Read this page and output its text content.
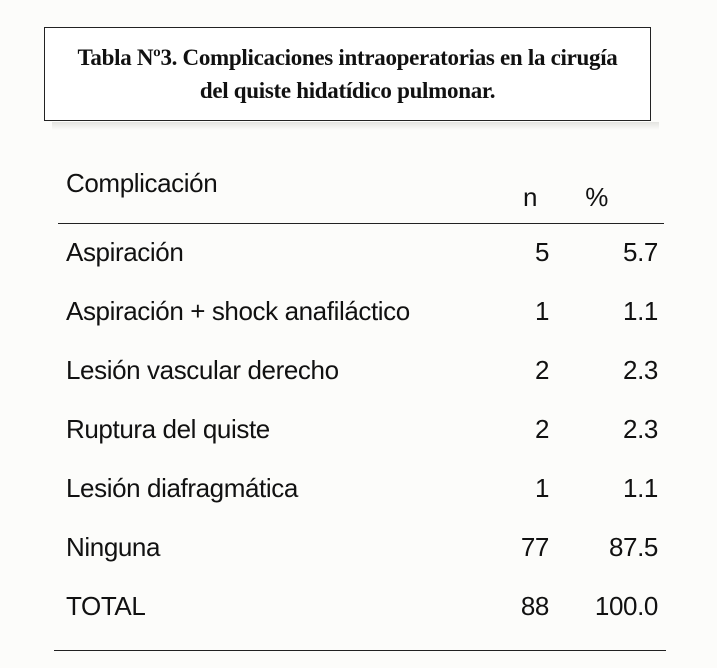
Tabla Nº3. Complicaciones intraoperatorias en la cirugía
del quiste hidatídico pulmonar.
Complicación	n %
Aspiración	5	5.7
Aspiración + shock anafiláctico	1	1.1
Lesión vascular derecho	2	2.3
Ruptura del quiste	2	2.3
Lesión diafragmática	1	1.1
Ninguna	77 87.5
TOTAL	88 100.0
